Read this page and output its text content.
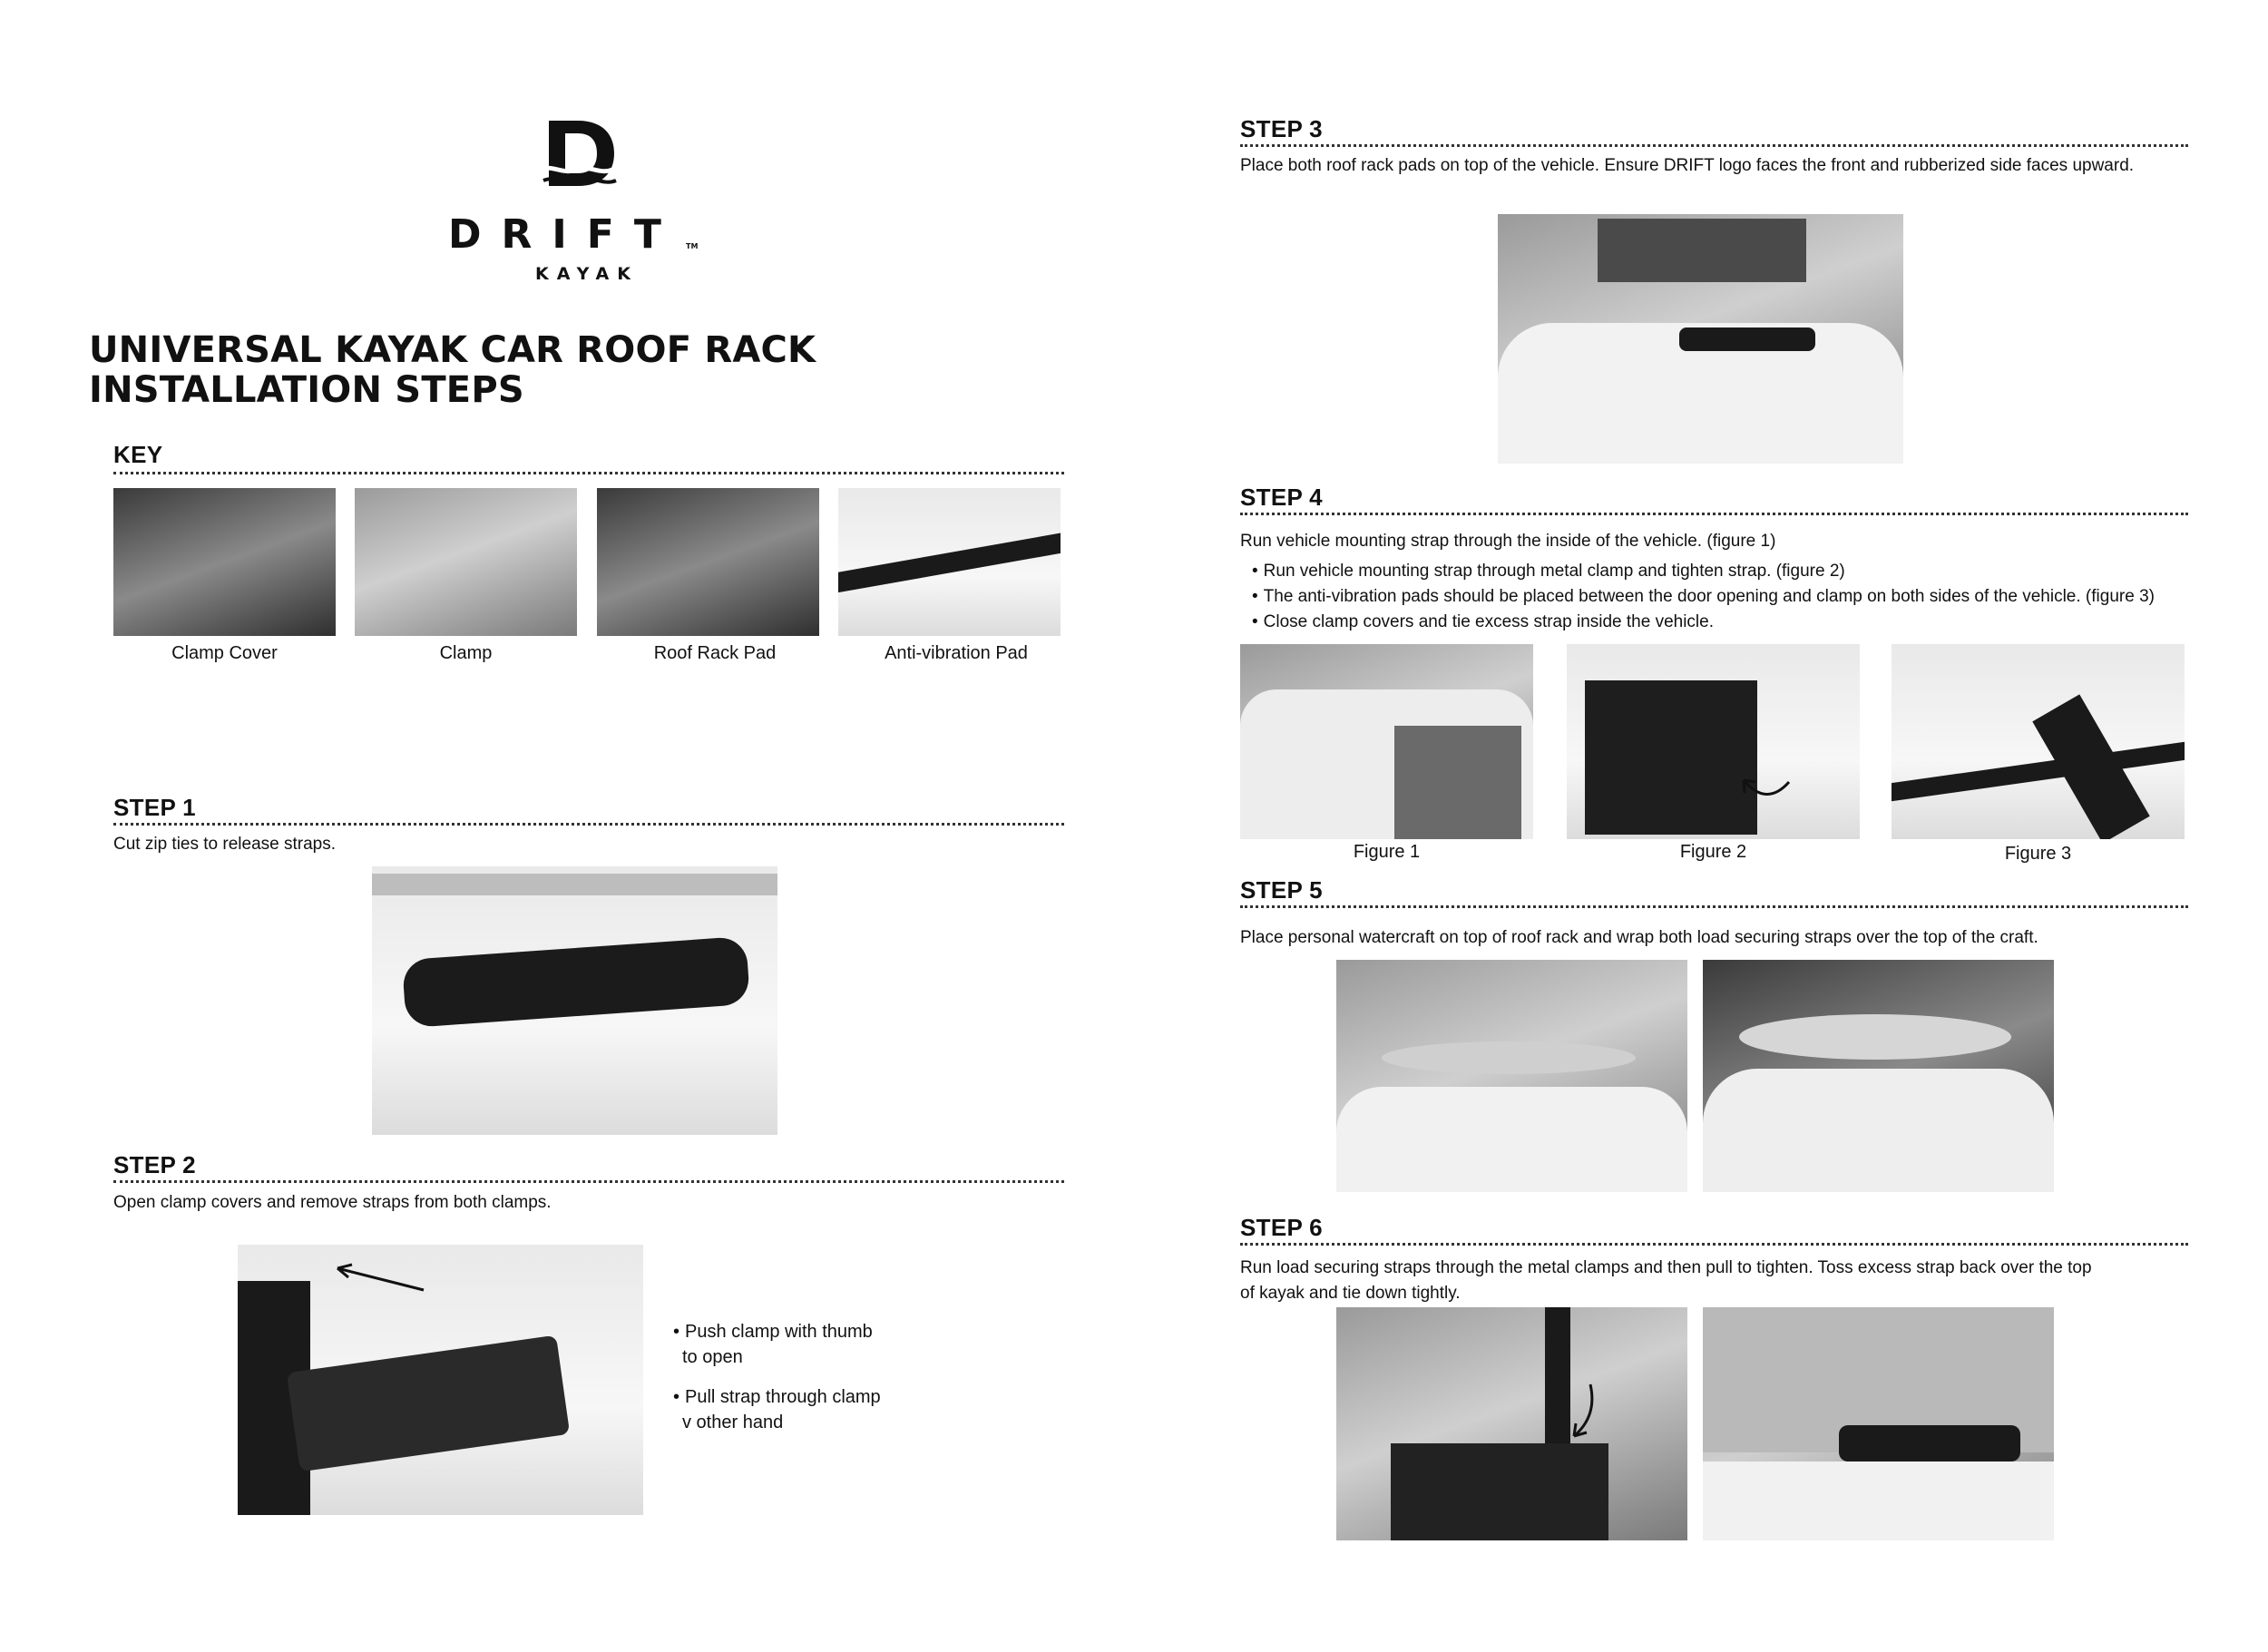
DRIFT TM
KAYAK
UNIVERSAL KAYAK CAR ROOF RACK
INSTALLATION STEPS
KEY
Clamp Cover	Clamp	Roof Rack Pad	Anti-vibration Pad
STEP 1
Cut zip ties to release straps.
STEP 2
Open clamp covers and remove straps from both clamps.
• Push clamp with thumb
to open
• Pull strap through clamp
v other hand
STEP 3
Place both roof rack pads on top of the vehicle. Ensure DRIFT logo faces the front and rubberized side faces upward.
STEP 4
Run vehicle mounting strap through the inside of the vehicle. (figure 1)
• Run vehicle mounting strap through metal clamp and tighten strap. (figure 2)
• The anti-vibration pads should be placed between the door opening and clamp on both sides of the vehicle. (figure 3)
• Close clamp covers and tie excess strap inside the vehicle.
Figure 1	Figure 2	Figure 3
STEP 5
Place personal watercraft on top of roof rack and wrap both load securing straps over the top of the craft.
STEP 6
Run load securing straps through the metal clamps and then pull to tighten. Toss excess strap back over the top
of kayak and tie down tightly.
